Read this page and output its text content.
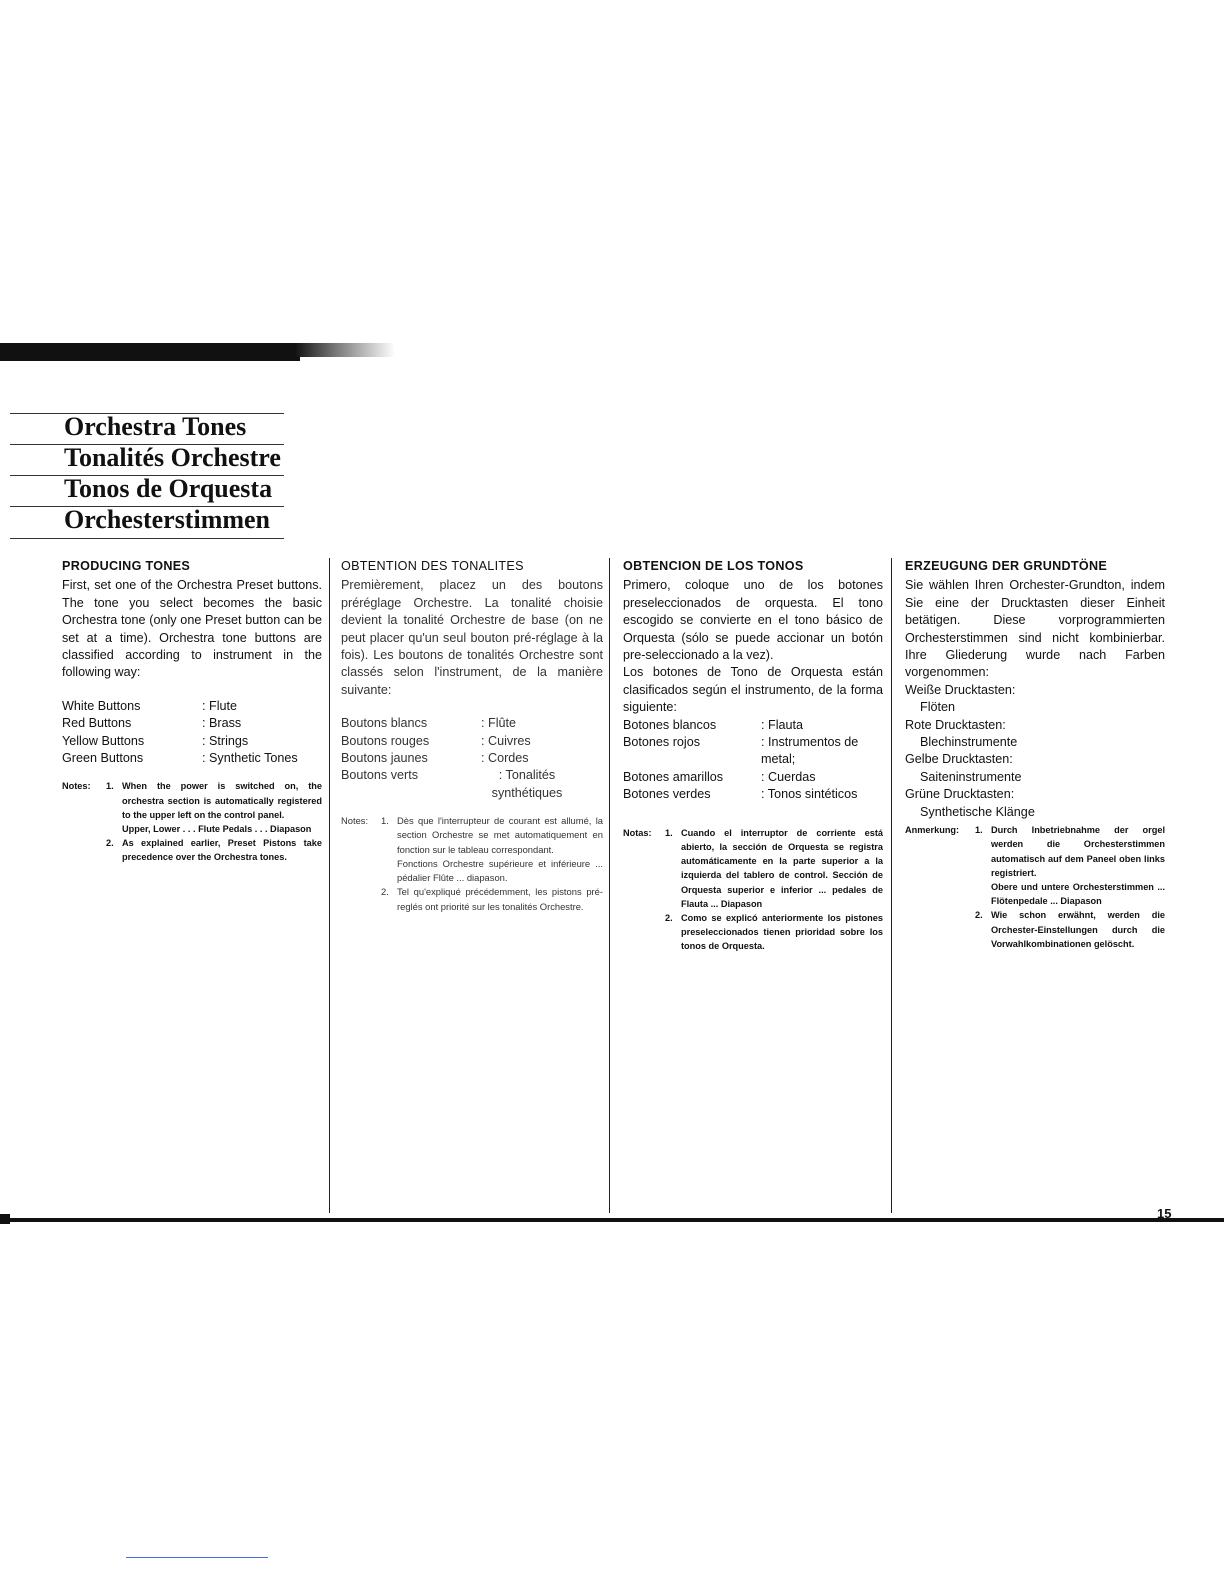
Orchestra Tones
Tonalités Orchestre
Tonos de Orquesta
Orchesterstimmen
PRODUCING TONES

First, set one of the Orchestra Preset buttons. The tone you select becomes the basic Orchestra tone (only one Preset button can be set at a time). Orchestra tone buttons are classified according to instrument in the following way:

White Buttons	: Flute
Red Buttons	: Brass
Yellow Buttons	: Strings
Green Buttons	: Synthetic Tones
Notes:	1. When the power is switched on, the orchestra section is automatically registered to the upper left on the control panel.
Upper, Lower . . . Flute Pedals . . . Diapason
2. As explained earlier, Preset Pistons take precedence over the Orchestra tones.
OBTENTION DES TONALITES

Premièrement, placez un des boutons préréglage Orchestre. La tonalité choisie devient la tonalité Orchestre de base (on ne peut placer qu'un seul bouton pré-réglage à la fois). Les boutons de tonalités Orchestre sont classés selon l'instrument, de la manière suivante:

Boutons blancs	: Flûte
Boutons rouges	: Cuivres
Boutons jaunes	: Cordes
Boutons verts	: Tonalités synthétiques
Notes:	1. Dès que l'interrupteur de courant est allumé, la section Orchestre se met automatiquement en fonction sur le tableau correspondant.
Fonctions Orchestre supérieure et inférieure ... pédalier Flûte ... diapason.
2. Tel qu'expliqué précédemment, les pistons pré-reglés ont priorité sur les tonalités Orchestre.
OBTENCION DE LOS TONOS

Primero, coloque uno de los botones preseleccionados de orquesta. El tono escogido se convierte en el tono básico de Orquesta (sólo se puede accionar un botón pre-seleccionado a la vez).

Los botones de Tono de Orquesta están clasificados según el instrumento, de la forma siguiente:

Botones blancos	: Flauta
Botones rojos	: Instrumentos de metal;
Botones amarillos	: Cuerdas
Botones verdes	: Tonos sintéticos
Notas:	1. Cuando el interruptor de corriente está abierto, la sección de Orquesta se registra automáticamente en la parte superior a la izquierda del tablero de control. Sección de Orquesta superior e inferior ... pedales de Flauta ... Diapason
2. Como se explicó anteriormente los pistones preseleccionados tienen prioridad sobre los tonos de Orquesta.
ERZEUGUNG DER GRUNDTÖNE

Sie wählen Ihren Orchester-Grundton, indem Sie eine der Drucktasten dieser Einheit betätigen. Diese vorprogrammierten Orchesterstimmen sind nicht kombinierbar. Ihre Gliederung wurde nach Farben vorgenommen:

Weiße Drucktasten:
Flöten
Rote Drucktasten:
Blechinstrumente
Gelbe Drucktasten:
Saiteninstrumente
Grüne Drucktasten:
Synthetische Klänge
Anmerkung:	1. Durch Inbetriebnahme der orgel werden die Orchesterstimmen automatisch auf dem Paneel oben links registriert.
Obere und untere Orchesterstimmen ... Flötenpedale ... Diapason
2. Wie schon erwähnt, werden die Orchester-Einstellungen durch die Vorwahlkombinationen gelöscht.
15
